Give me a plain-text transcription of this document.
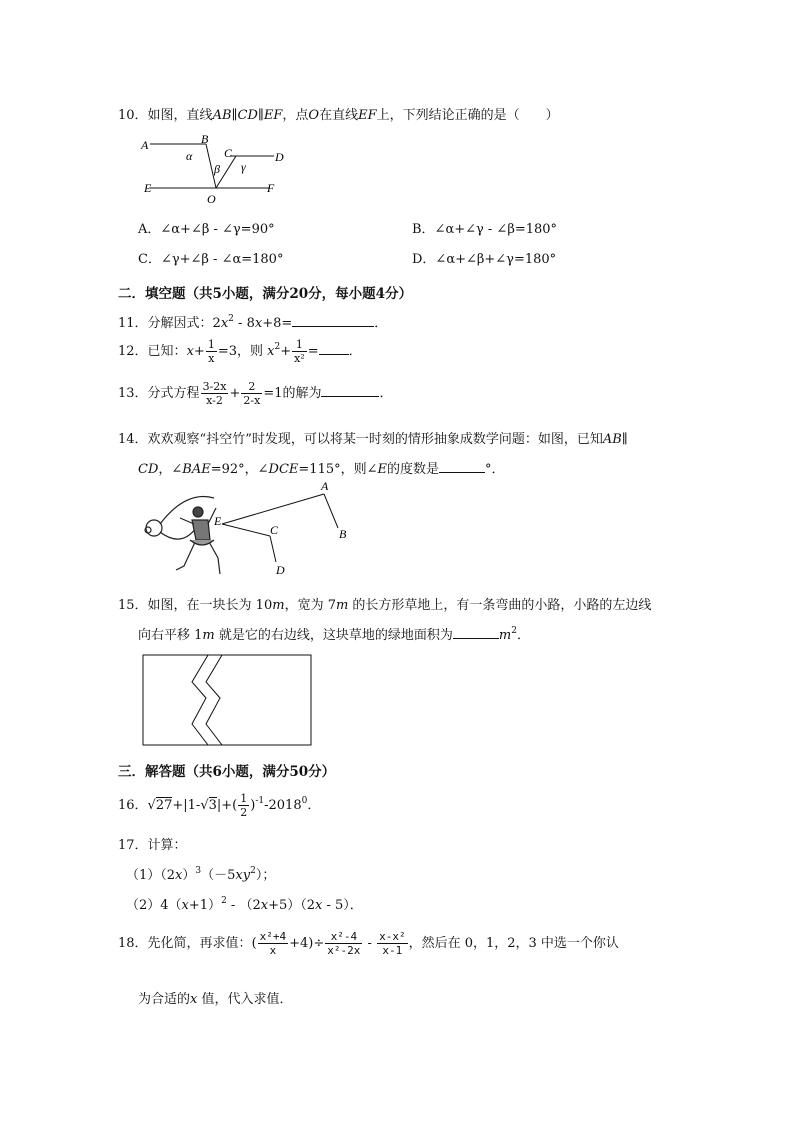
10．如图，直线AB∥CD∥EF，点O在直线EF上，下列结论正确的是（　　）
A	B
C	D
E	F
O
α
β γ
A．∠α+∠β - ∠γ=90°	B．∠α+∠γ - ∠β=180°
C．∠γ+∠β - ∠α=180°	D．∠α+∠β+∠γ=180°
二．填空题（共5小题，满分20分，每小题4分）
11．分解因式：$2x^2 - 8x+8=$	．
12．已知：$x+ \frac{1}{x} =3$，则 $x^2+ \frac{1}{\text{x²}}$ = ．
13．分式方程 $\frac{3-2x}{x-2} + \frac{2}{2-x} =1$的解为	．
14．欢欢观察“抖空竹”时发现，可以将某一时刻的情形抽象成数学问题：如图，已知AB∥
CD，∠BAE=92°，∠DCE=115°，则∠E的度数是	°．
A
B
C
D
E
15．如图，在一块长为 10m，宽为 7m 的长方形草地上，有一条弯曲的小路，小路的左边线
向右平移 1m 就是它的右边线，这块草地的绿地面积为	$m^2$．
三．解答题（共6小题，满分50分）
16．$√27+|1-√3|+( \frac{1}{2} )^{-1}-2018^0$．
17．计算：
$(1)(2x)^3(-5xy^2)$；
$(2)4(x+1)^2 - (2x+5)(2x - 5)$．
18．先化简，再求值：( $\frac{\text{x²+4}}{x} +4)\div \frac{\text{x²-4}}{\text{x²-2x}} - \frac{\text{x-x²}}{x-1}$ ，然后在 0，1，2，3 中选一个你认
为合适的x 值，代入求值．
